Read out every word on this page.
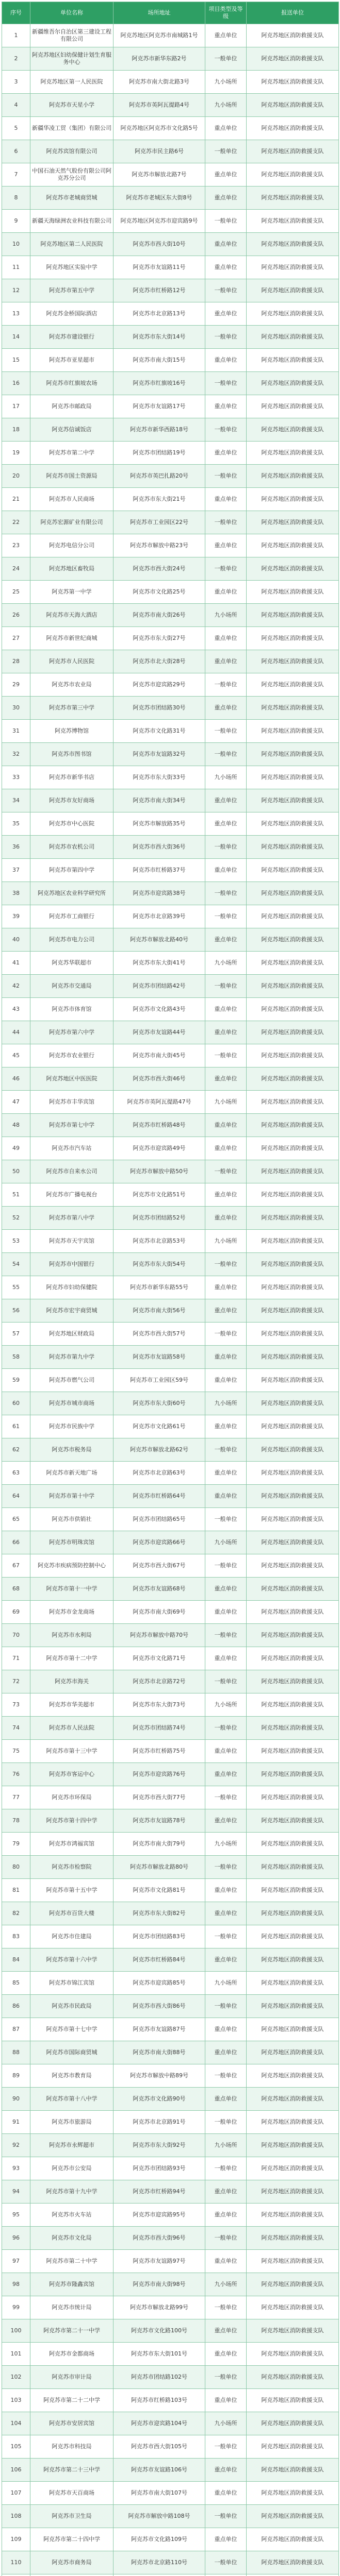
序号	单位名称	场所地址	项目类型及等级	报送单位
1	新疆维吾尔自治区第三建设工程有限公司	阿克苏地区阿克苏市南城路1号	重点单位	阿克苏地区消防救援支队
2	阿克苏地区妇幼保健计划生育服务中心	阿克苏市新华东路2号	一般单位	阿克苏地区消防救援支队
3	阿克苏地区第一人民医院	阿克苏市南大街北路3号	九小场所	阿克苏地区消防救援支队
4	阿克苏市天星小学	阿克苏市英阿瓦提路4号	九小场所	阿克苏地区消防救援支队
5	新疆华凌工贸（集团）有限公司	阿克苏地区阿克苏市文化路5号	重点单位	阿克苏地区消防救援支队
6	阿克苏宾馆有限公司	阿克苏市民主路6号	一般单位	阿克苏地区消防救援支队
7	中国石油天然气股份有限公司阿克苏分公司	阿克苏市解放北路7号	重点单位	阿克苏地区消防救援支队
8	阿克苏市老城商贸城	阿克苏市老城区东大街8号	重点单位	阿克苏地区消防救援支队
9	新疆天海绿洲农业科技有限公司	阿克苏地区阿克苏市迎宾路9号	一般单位	阿克苏地区消防救援支队
10	阿克苏地区第二人民医院	阿克苏市西大街10号	重点单位	阿克苏地区消防救援支队
11	阿克苏地区实验中学	阿克苏市友谊路11号	重点单位	阿克苏地区消防救援支队
12	阿克苏市第五中学	阿克苏市红桥路12号	一般单位	阿克苏地区消防救援支队
13	阿克苏金桥国际酒店	阿克苏市北京路13号	重点单位	阿克苏地区消防救援支队
14	阿克苏市建设银行	阿克苏市东大街14号	一般单位	阿克苏地区消防救援支队
15	阿克苏市亚星超市	阿克苏市南大街15号	重点单位	阿克苏地区消防救援支队
16	阿克苏市红旗坡农场	阿克苏市红旗坡16号	一般单位	阿克苏地区消防救援支队
17	阿克苏市邮政局	阿克苏市友谊路17号	重点单位	阿克苏地区消防救援支队
18	阿克苏信诚饭店	阿克苏市新华西路18号	一般单位	阿克苏地区消防救援支队
19	阿克苏市第二中学	阿克苏市团结路19号	重点单位	阿克苏地区消防救援支队
20	阿克苏市国土资源局	阿克苏市英巴扎路20号	一般单位	阿克苏地区消防救援支队
21	阿克苏市人民商场	阿克苏市东大街21号	重点单位	阿克苏地区消防救援支队
22	阿克苏宏源矿业有限公司	阿克苏市工业园区22号	一般单位	阿克苏地区消防救援支队
23	阿克苏电信分公司	阿克苏市解放中路23号	重点单位	阿克苏地区消防救援支队
24	阿克苏地区畜牧局	阿克苏市西大街24号	一般单位	阿克苏地区消防救援支队
25	阿克苏第一中学	阿克苏市文化路25号	重点单位	阿克苏地区消防救援支队
26	阿克苏市天海大酒店	阿克苏市南大街26号	九小场所	阿克苏地区消防救援支队
27	阿克苏市新世纪商城	阿克苏市东大街27号	重点单位	阿克苏地区消防救援支队
28	阿克苏市人民医院	阿克苏市北大街28号	重点单位	阿克苏地区消防救援支队
29	阿克苏市农业局	阿克苏市迎宾路29号	一般单位	阿克苏地区消防救援支队
30	阿克苏市第三中学	阿克苏市团结路30号	重点单位	阿克苏地区消防救援支队
31	阿克苏博物馆	阿克苏市文化路31号	一般单位	阿克苏地区消防救援支队
32	阿克苏市图书馆	阿克苏市友谊路32号	一般单位	阿克苏地区消防救援支队
33	阿克苏市新华书店	阿克苏市东大街33号	九小场所	阿克苏地区消防救援支队
34	阿克苏市友好商场	阿克苏市南大街34号	重点单位	阿克苏地区消防救援支队
35	阿克苏市中心医院	阿克苏市解放路35号	重点单位	阿克苏地区消防救援支队
36	阿克苏市农机公司	阿克苏市西大街36号	一般单位	阿克苏地区消防救援支队
37	阿克苏市第四中学	阿克苏市红桥路37号	重点单位	阿克苏地区消防救援支队
38	阿克苏地区农业科学研究所	阿克苏市迎宾路38号	一般单位	阿克苏地区消防救援支队
39	阿克苏市工商银行	阿克苏市北京路39号	一般单位	阿克苏地区消防救援支队
40	阿克苏市电力公司	阿克苏市解放北路40号	重点单位	阿克苏地区消防救援支队
41	阿克苏华联超市	阿克苏市东大街41号	九小场所	阿克苏地区消防救援支队
42	阿克苏市交通局	阿克苏市团结路42号	一般单位	阿克苏地区消防救援支队
43	阿克苏市体育馆	阿克苏市文化路43号	重点单位	阿克苏地区消防救援支队
44	阿克苏市第六中学	阿克苏市友谊路44号	重点单位	阿克苏地区消防救援支队
45	阿克苏市农业银行	阿克苏市南大街45号	一般单位	阿克苏地区消防救援支队
46	阿克苏地区中医医院	阿克苏市西大街46号	重点单位	阿克苏地区消防救援支队
47	阿克苏市丰华宾馆	阿克苏市英阿瓦提路47号	九小场所	阿克苏地区消防救援支队
48	阿克苏市第七中学	阿克苏市红桥路48号	重点单位	阿克苏地区消防救援支队
49	阿克苏市汽车站	阿克苏市迎宾路49号	重点单位	阿克苏地区消防救援支队
50	阿克苏市自来水公司	阿克苏市解放中路50号	一般单位	阿克苏地区消防救援支队
51	阿克苏市广播电视台	阿克苏市文化路51号	重点单位	阿克苏地区消防救援支队
52	阿克苏市第八中学	阿克苏市团结路52号	重点单位	阿克苏地区消防救援支队
53	阿克苏市天宇宾馆	阿克苏市北京路53号	九小场所	阿克苏地区消防救援支队
54	阿克苏市中国银行	阿克苏市东大街54号	一般单位	阿克苏地区消防救援支队
55	阿克苏市妇幼保健院	阿克苏市新华东路55号	重点单位	阿克苏地区消防救援支队
56	阿克苏市宏宇商贸城	阿克苏市南大街56号	重点单位	阿克苏地区消防救援支队
57	阿克苏地区财政局	阿克苏市西大街57号	一般单位	阿克苏地区消防救援支队
58	阿克苏市第九中学	阿克苏市友谊路58号	重点单位	阿克苏地区消防救援支队
59	阿克苏市燃气公司	阿克苏市工业园区59号	重点单位	阿克苏地区消防救援支队
60	阿克苏市城市商场	阿克苏市东大街60号	九小场所	阿克苏地区消防救援支队
61	阿克苏市民族中学	阿克苏市文化路61号	重点单位	阿克苏地区消防救援支队
62	阿克苏市税务局	阿克苏市解放北路62号	一般单位	阿克苏地区消防救援支队
63	阿克苏市新天地广场	阿克苏市北京路63号	重点单位	阿克苏地区消防救援支队
64	阿克苏市第十中学	阿克苏市红桥路64号	重点单位	阿克苏地区消防救援支队
65	阿克苏市供销社	阿克苏市团结路65号	一般单位	阿克苏地区消防救援支队
66	阿克苏市明珠宾馆	阿克苏市迎宾路66号	九小场所	阿克苏地区消防救援支队
67	阿克苏市疾病预防控制中心	阿克苏市西大街67号	一般单位	阿克苏地区消防救援支队
68	阿克苏市第十一中学	阿克苏市友谊路68号	重点单位	阿克苏地区消防救援支队
69	阿克苏市金龙商场	阿克苏市南大街69号	重点单位	阿克苏地区消防救援支队
70	阿克苏市水利局	阿克苏市解放中路70号	一般单位	阿克苏地区消防救援支队
71	阿克苏市第十二中学	阿克苏市文化路71号	重点单位	阿克苏地区消防救援支队
72	阿克苏市海关	阿克苏市北京路72号	一般单位	阿克苏地区消防救援支队
73	阿克苏市华美超市	阿克苏市东大街73号	九小场所	阿克苏地区消防救援支队
74	阿克苏市人民法院	阿克苏市团结路74号	一般单位	阿克苏地区消防救援支队
75	阿克苏市第十三中学	阿克苏市红桥路75号	重点单位	阿克苏地区消防救援支队
76	阿克苏市客运中心	阿克苏市迎宾路76号	重点单位	阿克苏地区消防救援支队
77	阿克苏市环保局	阿克苏市西大街77号	一般单位	阿克苏地区消防救援支队
78	阿克苏市第十四中学	阿克苏市友谊路78号	重点单位	阿克苏地区消防救援支队
79	阿克苏市鸿福宾馆	阿克苏市南大街79号	九小场所	阿克苏地区消防救援支队
80	阿克苏市检察院	阿克苏市解放北路80号	一般单位	阿克苏地区消防救援支队
81	阿克苏市第十五中学	阿克苏市文化路81号	重点单位	阿克苏地区消防救援支队
82	阿克苏市百货大楼	阿克苏市东大街82号	重点单位	阿克苏地区消防救援支队
83	阿克苏市住建局	阿克苏市团结路83号	一般单位	阿克苏地区消防救援支队
84	阿克苏市第十六中学	阿克苏市红桥路84号	重点单位	阿克苏地区消防救援支队
85	阿克苏市锦江宾馆	阿克苏市迎宾路85号	九小场所	阿克苏地区消防救援支队
86	阿克苏市民政局	阿克苏市西大街86号	一般单位	阿克苏地区消防救援支队
87	阿克苏市第十七中学	阿克苏市友谊路87号	重点单位	阿克苏地区消防救援支队
88	阿克苏市国际商贸城	阿克苏市南大街88号	重点单位	阿克苏地区消防救援支队
89	阿克苏市教育局	阿克苏市解放中路89号	一般单位	阿克苏地区消防救援支队
90	阿克苏市第十八中学	阿克苏市文化路90号	重点单位	阿克苏地区消防救援支队
91	阿克苏市旅游局	阿克苏市北京路91号	一般单位	阿克苏地区消防救援支队
92	阿克苏市永辉超市	阿克苏市东大街92号	九小场所	阿克苏地区消防救援支队
93	阿克苏市公安局	阿克苏市团结路93号	一般单位	阿克苏地区消防救援支队
94	阿克苏市第十九中学	阿克苏市红桥路94号	重点单位	阿克苏地区消防救援支队
95	阿克苏市火车站	阿克苏市迎宾路95号	重点单位	阿克苏地区消防救援支队
96	阿克苏市文化局	阿克苏市西大街96号	一般单位	阿克苏地区消防救援支队
97	阿克苏市第二十中学	阿克苏市友谊路97号	重点单位	阿克苏地区消防救援支队
98	阿克苏市隆鑫宾馆	阿克苏市南大街98号	九小场所	阿克苏地区消防救援支队
99	阿克苏市统计局	阿克苏市解放北路99号	一般单位	阿克苏地区消防救援支队
100	阿克苏市第二十一中学	阿克苏市文化路100号	重点单位	阿克苏地区消防救援支队
101	阿克苏市金都商场	阿克苏市东大街101号	重点单位	阿克苏地区消防救援支队
102	阿克苏市审计局	阿克苏市团结路102号	一般单位	阿克苏地区消防救援支队
103	阿克苏市第二十二中学	阿克苏市红桥路103号	重点单位	阿克苏地区消防救援支队
104	阿克苏市安居宾馆	阿克苏市迎宾路104号	九小场所	阿克苏地区消防救援支队
105	阿克苏市科技局	阿克苏市西大街105号	一般单位	阿克苏地区消防救援支队
106	阿克苏市第二十三中学	阿克苏市友谊路106号	重点单位	阿克苏地区消防救援支队
107	阿克苏市天百商场	阿克苏市南大街107号	重点单位	阿克苏地区消防救援支队
108	阿克苏市卫生局	阿克苏市解放中路108号	一般单位	阿克苏地区消防救援支队
109	阿克苏市第二十四中学	阿克苏市文化路109号	重点单位	阿克苏地区消防救援支队
110	阿克苏市商务局	阿克苏市北京路110号	一般单位	阿克苏地区消防救援支队
